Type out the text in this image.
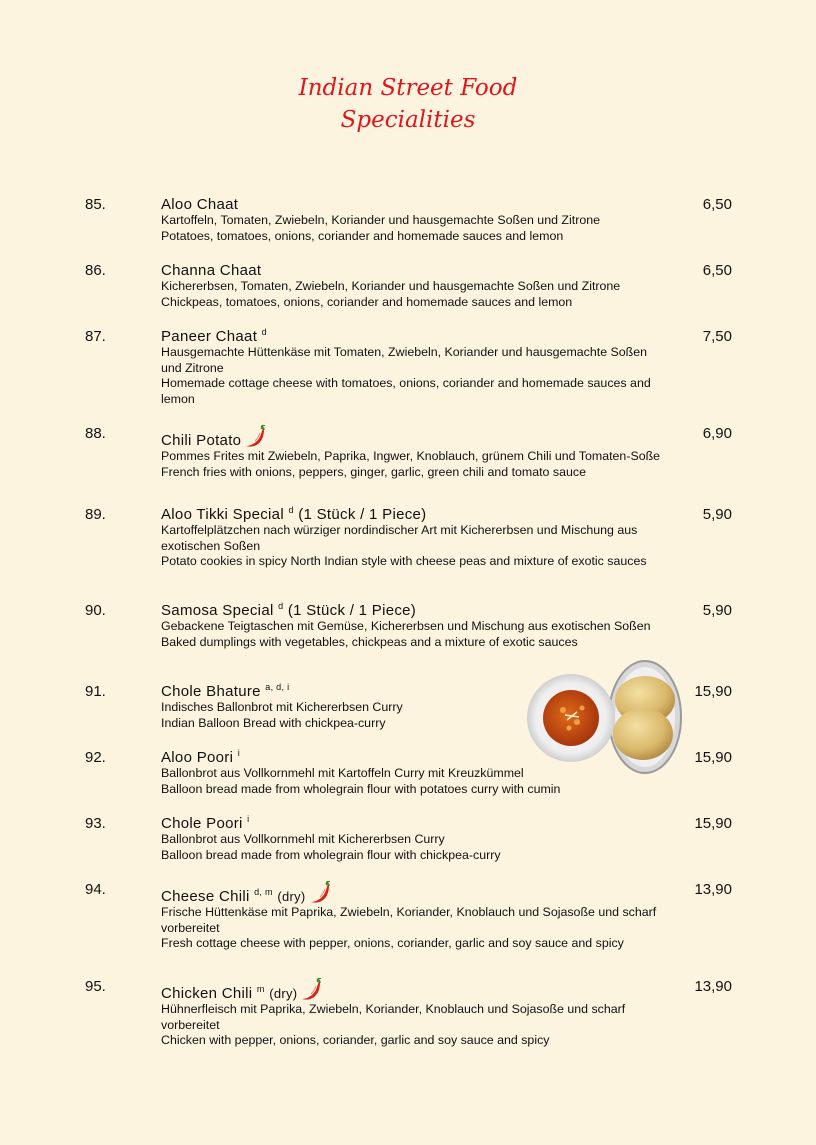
Indian Street Food
Specialities
85.	Aloo Chaat
Kartoffeln, Tomaten, Zwiebeln, Koriander und hausgemachte Soßen und Zitrone
Potatoes, tomatoes, onions, coriander and homemade sauces and lemon
6,50
86.	Channa Chaat
Kichererbsen, Tomaten, Zwiebeln, Koriander und hausgemachte Soßen und Zitrone
Chickpeas, tomatoes, onions, coriander and homemade sauces and lemon
6,50
87.	Paneer Chaat $^d$
Hausgemachte Hüttenkäse mit Tomaten, Zwiebeln, Koriander und hausgemachte Soßen und Zitrone
Homemade cottage cheese with tomatoes, onions, coriander and homemade sauces and lemon
7,50
88.	Chili Potato
Pommes Frites mit Zwiebeln, Paprika, Ingwer, Knoblauch, grünem Chili und Tomaten-Soße
French fries with onions, peppers, ginger, garlic, green chili and tomato sauce
6,90
89.	Aloo Tikki Special $^d$ (1 Stück / 1 Piece)
Kartoffelplätzchen nach würziger nordindischer Art mit Kichererbsen und Mischung aus exotischen Soßen
Potato cookies in spicy North Indian style with cheese peas and mixture of exotic sauces
5,90
90.	Samosa Special $^d$ (1 Stück / 1 Piece)
Gebackene Teigtaschen mit Gemüse, Kichererbsen und Mischung aus exotischen Soßen
Baked dumplings with vegetables, chickpeas and a mixture of exotic sauces
5,90
91.	Chole Bhature $^{a, d, i}$
Indisches Ballonbrot mit Kichererbsen Curry
Indian Balloon Bread with chickpea-curry
15,90
92.	Aloo Poori $^i$
Ballonbrot aus Vollkornmehl mit Kartoffeln Curry mit Kreuzkümmel
Balloon bread made from wholegrain flour with potatoes curry with cumin
15,90
93.	Chole Poori $^i$
Ballonbrot aus Vollkornmehl mit Kichererbsen Curry
Balloon bread made from wholegrain flour with chickpea-curry
15,90
94.	Cheese Chili $^{d, m}$ (dry)
Frische Hüttenkäse mit Paprika, Zwiebeln, Koriander, Knoblauch und Sojasoße und scharf vorbereitet
Fresh cottage cheese with pepper, onions, coriander, garlic and soy sauce and spicy
13,90
95.	Chicken Chili $^m$ (dry)
Hühnerfleisch mit Paprika, Zwiebeln, Koriander, Knoblauch und Sojasoße und scharf vorbereitet
Chicken with pepper, onions, coriander, garlic and soy sauce and spicy
13,90
